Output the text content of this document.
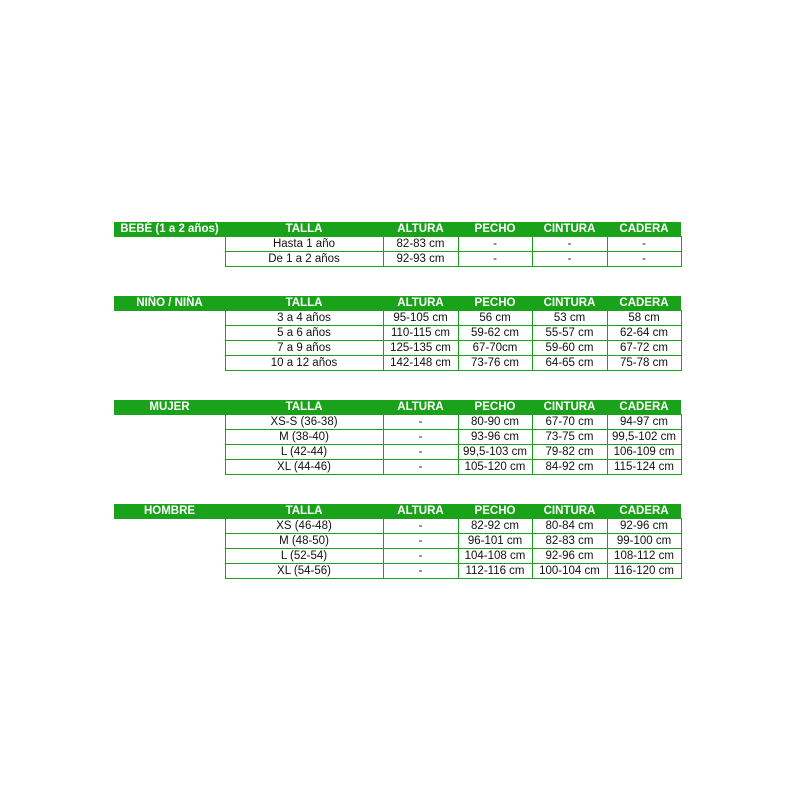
BEBÉ (1 a 2 años)	TALLA	ALTURA	PECHO	CINTURA	CADERA
	Hasta 1 año	82-83 cm	-	-	-
	De 1 a 2 años	92-93 cm	-	-	-
NIÑO / NIÑA	TALLA	ALTURA	PECHO	CINTURA	CADERA
	3 a 4 años	95-105 cm	56 cm	53 cm	58 cm
	5 a 6 años	110-115 cm	59-62 cm	55-57 cm	62-64 cm
	7 a 9 años	125-135 cm	67-70cm	59-60 cm	67-72 cm
	10 a 12 años	142-148 cm	73-76 cm	64-65 cm	75-78 cm
MUJER	TALLA	ALTURA	PECHO	CINTURA	CADERA
	XS-S (36-38)	-	80-90 cm	67-70 cm	94-97 cm
	M (38-40)	-	93-96 cm	73-75 cm	99,5-102 cm
	L (42-44)	-	99,5-103 cm	79-82 cm	106-109 cm
	XL (44-46)	-	105-120 cm	84-92 cm	115-124 cm
HOMBRE	TALLA	ALTURA	PECHO	CINTURA	CADERA
	XS (46-48)	-	82-92 cm	80-84 cm	92-96 cm
	M (48-50)	-	96-101 cm	82-83 cm	99-100 cm
	L (52-54)	-	104-108 cm	92-96 cm	108-112 cm
	XL (54-56)	-	112-116 cm	100-104 cm	116-120 cm
